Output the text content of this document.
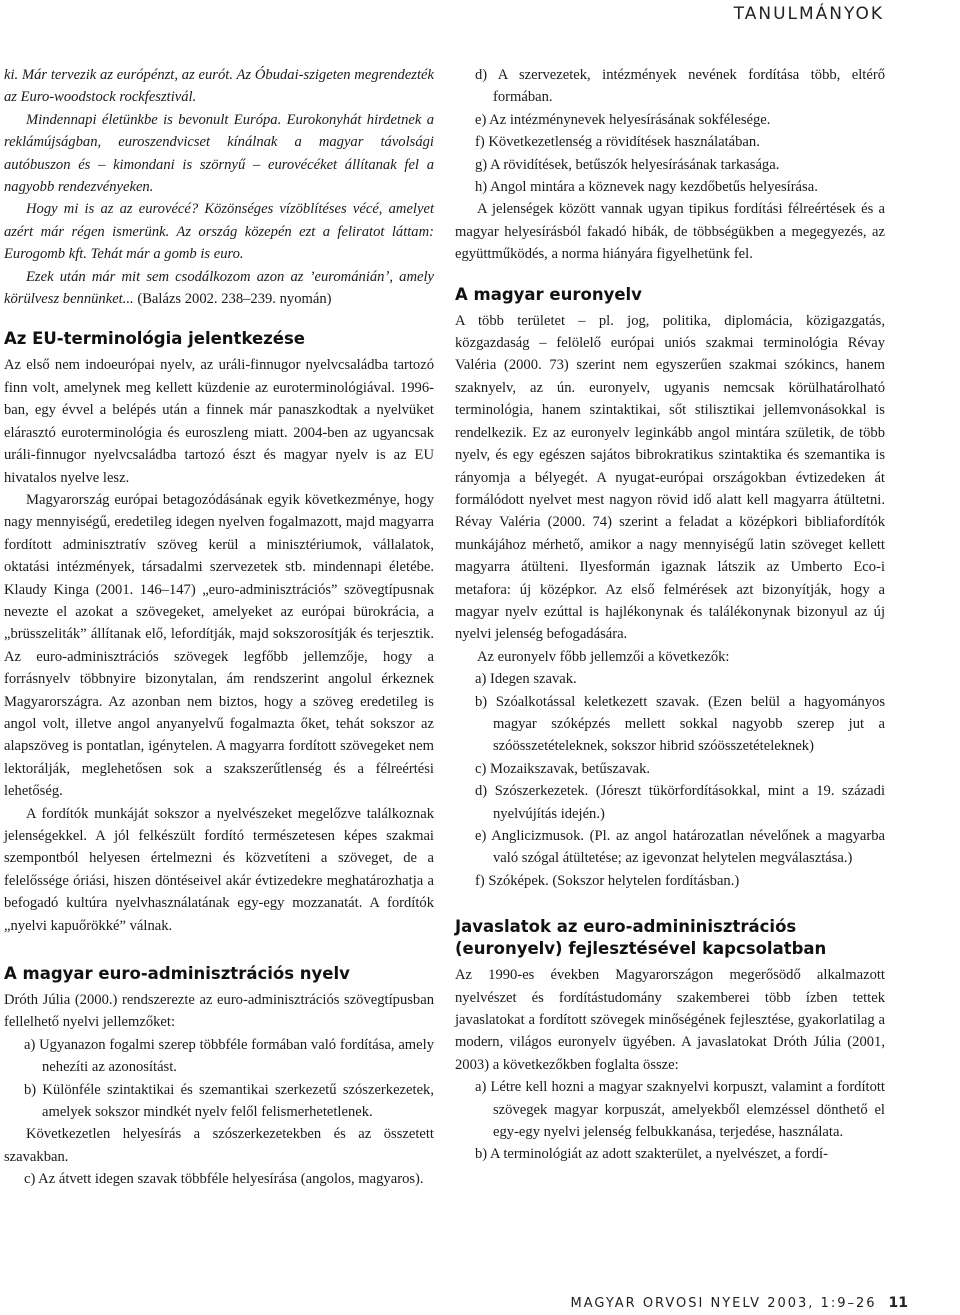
TANULMÁNYOK

ki. Már tervezik az európénzt, az eurót. Az Óbudai-szigeten megrendezték az Euro-woodstock rockfesztivál.

Mindennapi életünkbe is bevonult Európa. Eurokonyhát hirdetnek a reklámújságban, euroszendvicset kínálnak a magyar távolsági autóbuszon és – kimondani is szörnyű – eurovécéket állítanak fel a nagyobb rendezvényeken.

Hogy mi is az az eurovécé? Közönséges vízöblítéses vécé, amelyet azért már régen ismerünk. Az ország közepén ezt a feliratot láttam: Eurogomb kft. Tehát már a gomb is euro.

Ezek után már mit sem csodálkozom azon az ’euromániánʼ, amely körülvesz bennünket... (Balázs 2002. 238–239. nyomán)

Az EU-terminológia jelentkezése

Az első nem indoeurópai nyelv, az uráli-finnugor nyelvcsaládba tartozó finn volt, amelynek meg kellett küzdenie az euroterminológiával. 1996-ban, egy évvel a belépés után a finnek már panaszkodtak a nyelvüket elárasztó euroterminológia és euroszleng miatt. 2004-ben az ugyancsak uráli-finnugor nyelvcsaládba tartozó észt és magyar nyelv is az EU hivatalos nyelve lesz.

Magyarország európai betagozódásának egyik következménye, hogy nagy mennyiségű, eredetileg idegen nyelven fogalmazott, majd magyarra fordított adminisztratív szöveg kerül a minisztériumok, vállalatok, oktatási intézmények, társadalmi szervezetek stb. mindennapi életébe. Klaudy Kinga (2001. 146–147) „euro-adminisztrációs” szövegtípusnak nevezte el azokat a szövegeket, amelyeket az európai bürokrácia, a „brüsszeliták” állítanak elő, lefordítják, majd sokszorosítják és terjesztik. Az euro-adminisztrációs szövegek legfőbb jellemzője, hogy a forrásnyelv többnyire bizonytalan, ám rendszerint angolul érkeznek Magyarországra. Az azonban nem biztos, hogy a szöveg eredetileg is angol volt, illetve angol anyanyelvű fogalmazta őket, tehát sokszor az alapszöveg is pontatlan, igénytelen. A magyarra fordított szövegeket nem lektorálják, meglehetősen sok a szakszerűtlenség és a félreértési lehetőség.

A fordítók munkáját sokszor a nyelvészeket megelőzve találkoznak jelenségekkel. A jól felkészült fordító természetesen képes szakmai szempontból helyesen értelmezni és közvetíteni a szöveget, de a felelőssége óriási, hiszen döntéseivel akár évtizedekre meghatározhatja a befogadó kultúra nyelvhasználatának egy-egy mozzanatát. A fordítók „nyelvi kapuőrökké” válnak.

A magyar euro-adminisztrációs nyelv

Dróth Júlia (2000.) rendszerezte az euro-adminisztrációs szövegtípusban fellelhető nyelvi jellemzőket:

a) Ugyanazon fogalmi szerep többféle formában való fordítása, amely nehezíti az azonosítást.

b) Különféle szintaktikai és szemantikai szerkezetű szószerkezetek, amelyek sokszor mindkét nyelv felől felismerhetetlenek.

Következetlen helyesírás a szószerkezetekben és az összetett szavakban.

c) Az átvett idegen szavak többféle helyesírása (angolos, magyaros).

d) A szervezetek, intézmények nevének fordítása több, eltérő formában.

e) Az intézménynevek helyesírásának sokfélesége.

f) Következetlenség a rövidítések használatában.

g) A rövidítések, betűszók helyesírásának tarkasága.

h) Angol mintára a köznevek nagy kezdőbetűs helyesírása.

A jelenségek között vannak ugyan tipikus fordítási félreértések és a magyar helyesírásból fakadó hibák, de többségükben a megegyezés, az együttműködés, a norma hiányára figyelhetünk fel.

A magyar euronyelv

A több területet – pl. jog, politika, diplomácia, közigazgatás, közgazdaság – felölelő európai uniós szakmai terminológia Révay Valéria (2000. 73) szerint nem egyszerűen szakmai szókincs, hanem szaknyelv, az ún. euronyelv, ugyanis nemcsak körülhatárolható terminológia, hanem szintaktikai, sőt stilisztikai jellemvonásokkal is rendelkezik. Ez az euronyelv leginkább angol mintára születik, de több nyelv, és egy egészen sajátos bibrokratikus szintaktika és szemantika is rányomja a bélyegét. A nyugat-európai országokban évtizedeken át formálódott nyelvet mest nagyon rövid idő alatt kell magyarra átültetni. Révay Valéria (2000. 74) szerint a feladat a középkori bibliafordítók munkájához mérhető, amikor a nagy mennyiségű latin szöveget kellett magyarra átülteni. Ilyesformán igaznak látszik az Umberto Eco-i metafora: új középkor. Az első felmérések azt bizonyítják, hogy a magyar nyelv ezúttal is hajlékonynak és találékonynak bizonyul az új nyelvi jelenség befogadására.

Az euronyelv főbb jellemzői a következők:

a) Idegen szavak.

b) Szóalkotással keletkezett szavak. (Ezen belül a hagyományos magyar szóképzés mellett sokkal nagyobb szerep jut a szóösszetételeknek, sokszor hibrid szóösszetételeknek)

c) Mozaikszavak, betűszavak.

d) Szószerkezetek. (Jóreszt tükörfordításokkal, mint a 19. századi nyelvújítás idején.)

e) Anglicizmusok. (Pl. az angol határozatlan névelőnek a magyarba való szógal átültetése; az igevonzat helytelen megválasztása.)

f) Szóképek. (Sokszor helytelen fordításban.)

Javaslatok az euro-admininisztrációs (euronyelv) fejlesztésével kapcsolatban

Az 1990-es években Magyarországon megerősödő alkalmazott nyelvészet és fordítástudomány szakemberei több ízben tettek javaslatokat a fordított szövegek minőségének fejlesztése, gyakorlatilag a modern, világos euronyelv ügyében. A javaslatokat Dróth Júlia (2001, 2003) a következőkben foglalta össze:

a) Létre kell hozni a magyar szaknyelvi korpuszt, valamint a fordított szövegek magyar korpuszát, amelyekből elemzéssel dönthető el egy-egy nyelvi jelenség felbukkanása, terjedése, használata.

b) A terminológiát az adott szakterület, a nyelvészet, a fordí-

MAGYAR ORVOSI NYELV 2003, 1:9–26 11
